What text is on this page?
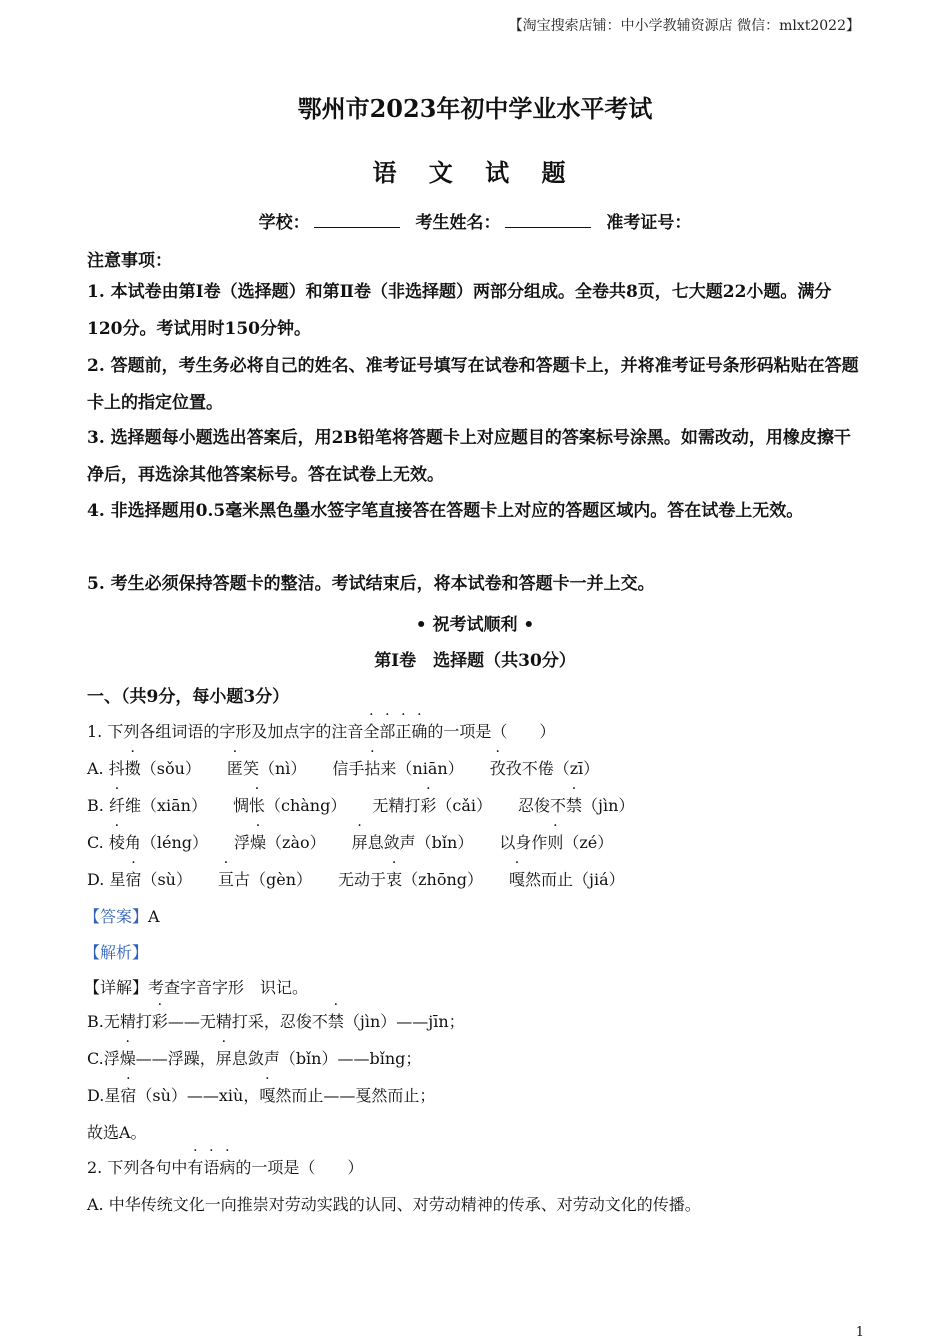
【淘宝搜索店铺：中小学教辅资源店 微信：mlxt2022】
鄂州市2023年初中学业水平考试
语 文 试 题
学校：	考生姓名：	准考证号：
注意事项：
1. 本试卷由第Ⅰ卷（选择题）和第Ⅱ卷（非选择题）两部分组成。全卷共8页，七大题22小题。满分120分。考试用时150分钟。
2. 答题前，考生务必将自己的姓名、准考证号填写在试卷和答题卡上，并将准考证号条形码粘贴在答题卡上的指定位置。
3. 选择题每小题选出答案后，用2B铅笔将答题卡上对应题目的答案标号涂黑。如需改动，用橡皮擦干净后，再选涂其他答案标号。答在试卷上无效。
4. 非选择题用0.5毫米黑色墨水签字笔直接答在答题卡上对应的答题区域内。答在试卷上无效。
5. 考生必须保持答题卡的整洁。考试结束后，将本试卷和答题卡一并上交。
• 祝考试顺利 •
第Ⅰ卷　选择题（共30分）
一、（共9分，每小题3分）
1. 下列各组词语的字形及加点字的注音全部正确的一项是（　　）
A. 抖擞（sǒu） 匿笑（nì） 信手拈来（niān） 孜孜不倦（zī）
B. 纤维（xiān） 惆怅（chàng） 无精打彩（cǎi） 忍俊不禁（jìn）
C. 棱角（léng） 浮燥（zào） 屏息敛声（bǐn） 以身作则（zé）
D. 星宿（sù） 亘古（gèn） 无动于衷（zhōng） 嘎然而止（jiá）
【答案】A
【解析】
【详解】考查字音字形　识记。
B.无精打彩——无精打采，忍俊不禁（jìn）——jīn；
C.浮燥——浮躁，屏息敛声（bǐn）——bǐng；
D.星宿（sù）——xiù，嘎然而止——戛然而止；
故选A。
2. 下列各句中有语病的一项是（　　）
A. 中华传统文化一向推崇对劳动实践的认同、对劳动精神的传承、对劳动文化的传播。
1
